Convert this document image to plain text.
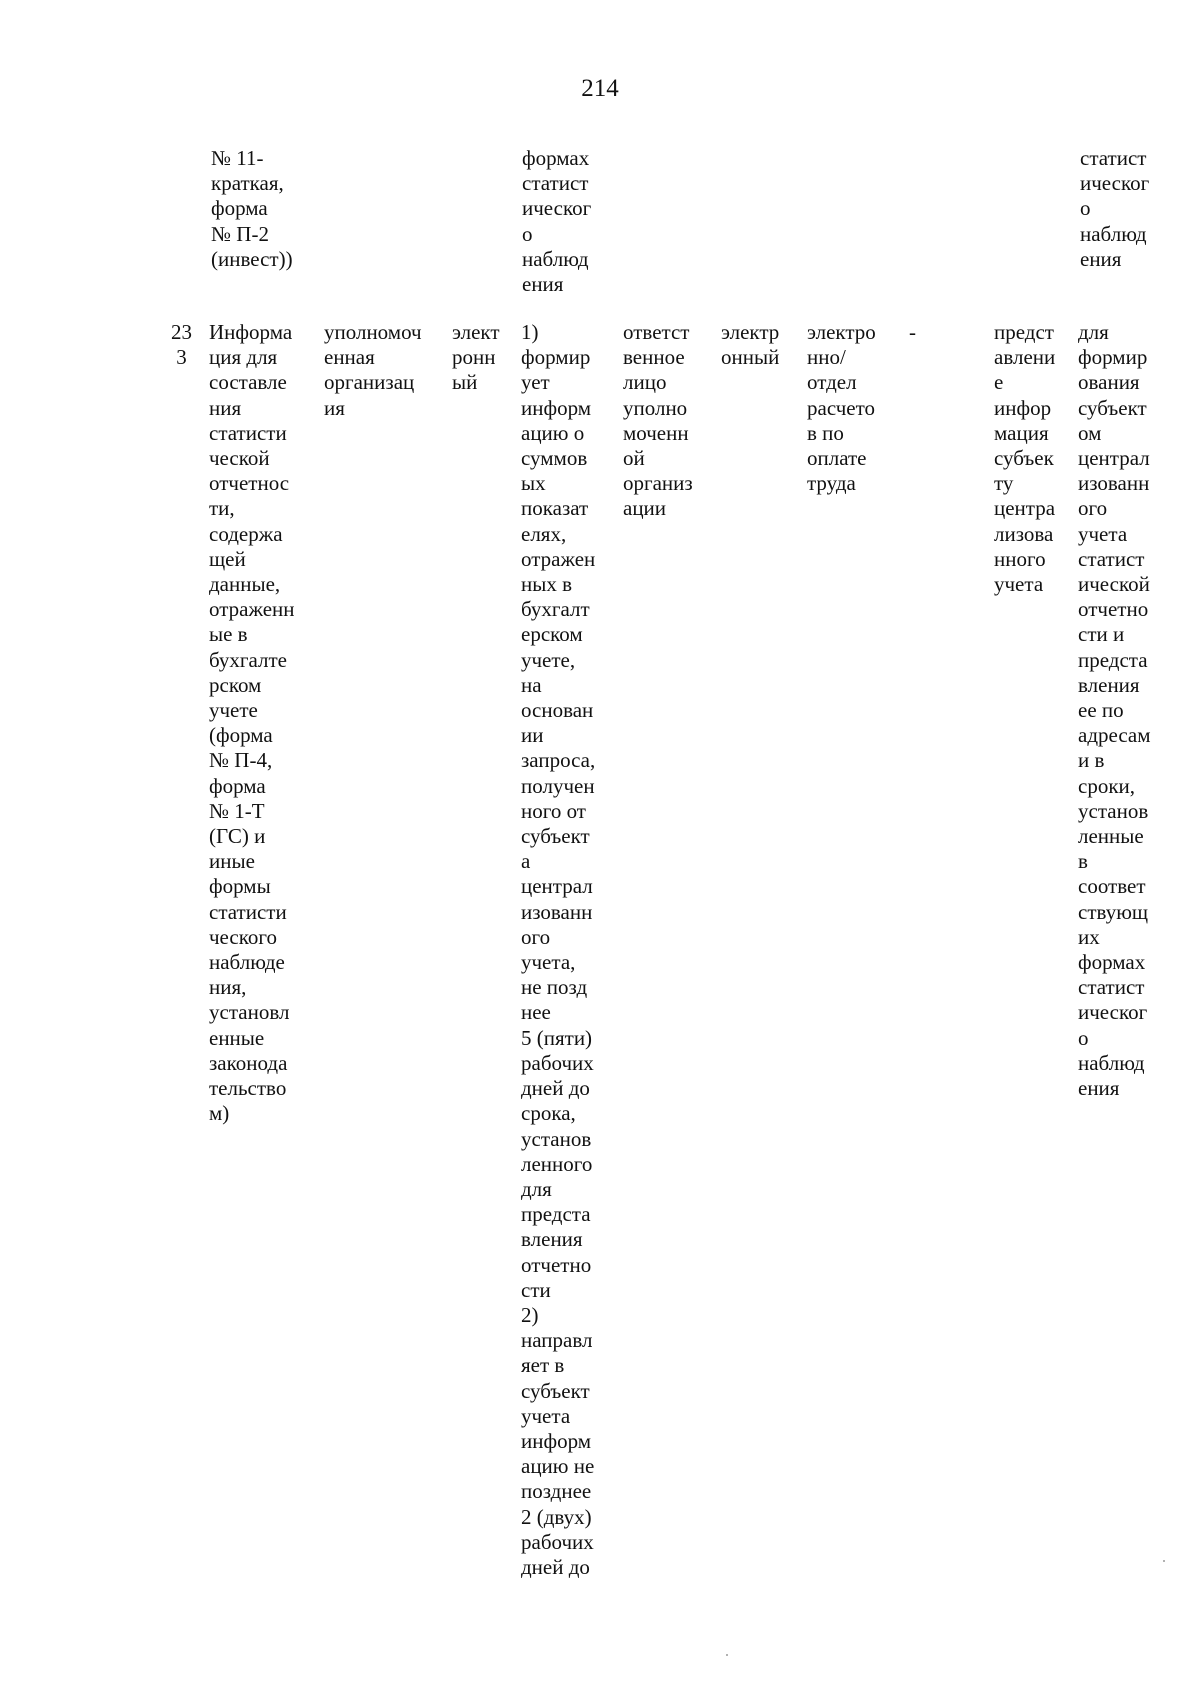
214
№ 11-
краткая,
форма
№ П-2
(инвест))
формах
статист
ическог
о
наблюд
ения
статист
ическог
о
наблюд
ения
23
3
Информа
ция для
составле
ния
статисти
ческой
отчетнос
ти,
содержа
щей
данные,
отраженн
ые в
бухгалте
рском
учете
(форма
№ П-4,
форма
№ 1-Т
(ГС) и
иные
формы
статисти
ческого
наблюде
ния,
установл
енные
законода
тельство
м)
уполномоч
енная
организац
ия
элект
ронн
ый
1)
формир
ует
информ
ацию о
суммов
ых
показат
елях,
отражен
ных в
бухгалт
ерском
учете,
на
основан
ии
запроса,
получен
ного от
субъект
а
централ
изованн
ого
учета,
не позд
нее
5 (пяти)
рабочих
дней до
срока,
установ
ленного
для
предста
вления
отчетно
сти
2)
направл
яет в
субъект
учета
информ
ацию не
позднее
2 (двух)
рабочих
дней до
ответст
венное
лицо
уполно
моченн
ой
организ
ации
электр
онный
электро
нно/
отдел
расчето
в по
оплате
труда
-	предст
авлени
е
инфор
мация
субъек
ту
центра
лизова
нного
учета
для
формир
ования
субъект
ом
централ
изованн
ого
учета
статист
ической
отчетно
сти и
предста
вления
ее по
адресам
и в
сроки,
установ
ленные
в
соответ
ствующ
их
формах
статист
ическог
о
наблюд
ения
